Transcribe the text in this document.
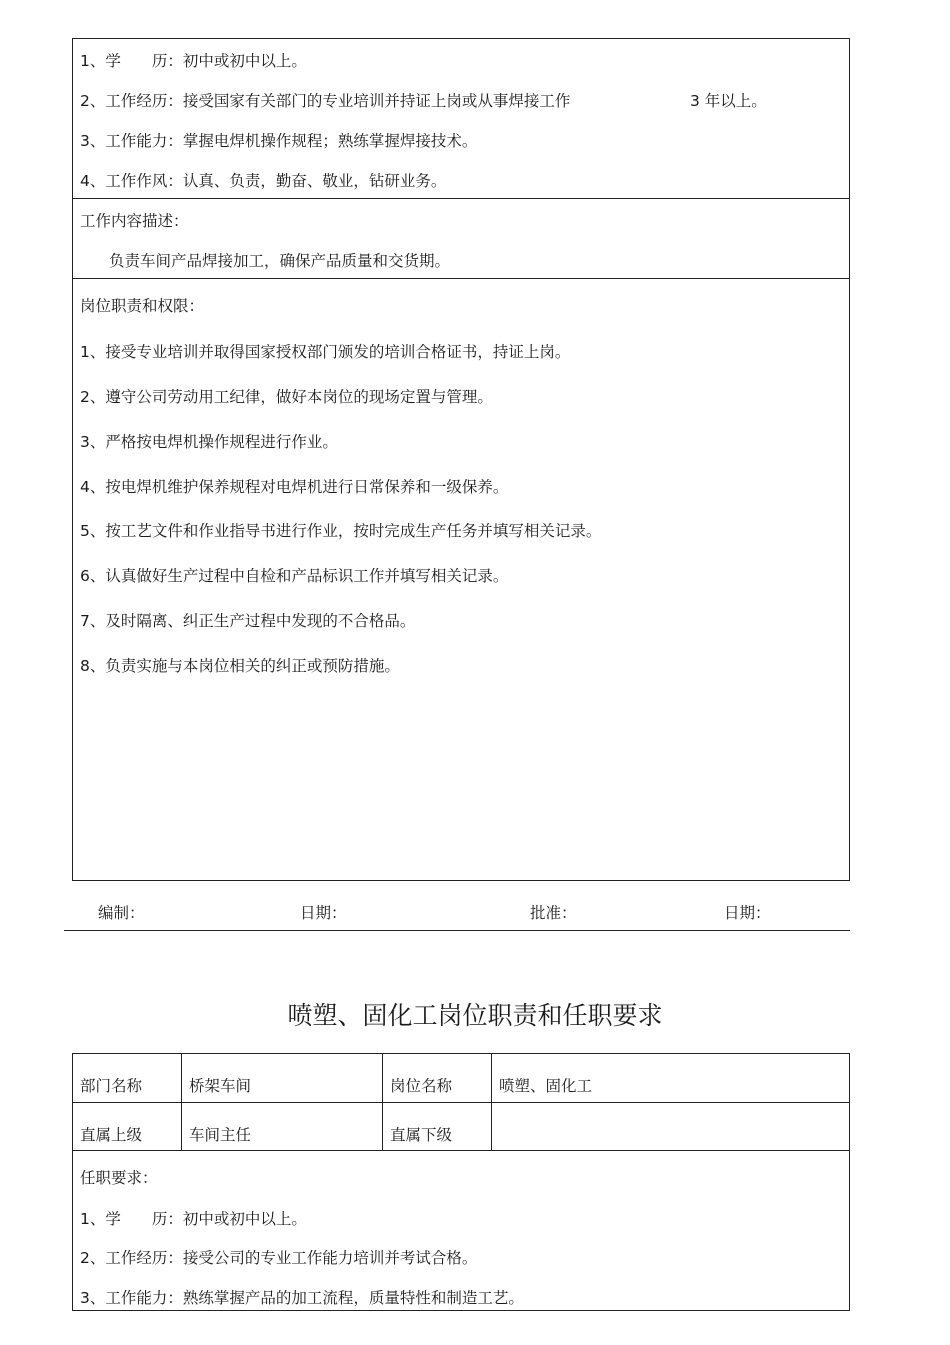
1、学　　历：初中或初中以上。
2、工作经历：接受国家有关部门的专业培训并持证上岗或从事焊接工作	3 年以上。
3、工作能力：掌握电焊机操作规程；熟练掌握焊接技术。
4、工作作风：认真、负责，勤奋、敬业，钻研业务。
工作内容描述：
负责车间产品焊接加工，确保产品质量和交货期。
岗位职责和权限：
1、接受专业培训并取得国家授权部门颁发的培训合格证书，持证上岗。
2、遵守公司劳动用工纪律，做好本岗位的现场定置与管理。
3、严格按电焊机操作规程进行作业。
4、按电焊机维护保养规程对电焊机进行日常保养和一级保养。
5、按工艺文件和作业指导书进行作业，按时完成生产任务并填写相关记录。
6、认真做好生产过程中自检和产品标识工作并填写相关记录。
7、及时隔离、纠正生产过程中发现的不合格品。
8、负责实施与本岗位相关的纠正或预防措施。
编制：	日期：	批准：	日期：
喷塑、固化工岗位职责和任职要求
部门名称	桥架车间	岗位名称	喷塑、固化工
直属上级	车间主任	直属下级
任职要求：
1、学　　历：初中或初中以上。
2、工作经历：接受公司的专业工作能力培训并考试合格。
3、工作能力：熟练掌握产品的加工流程，质量特性和制造工艺。
